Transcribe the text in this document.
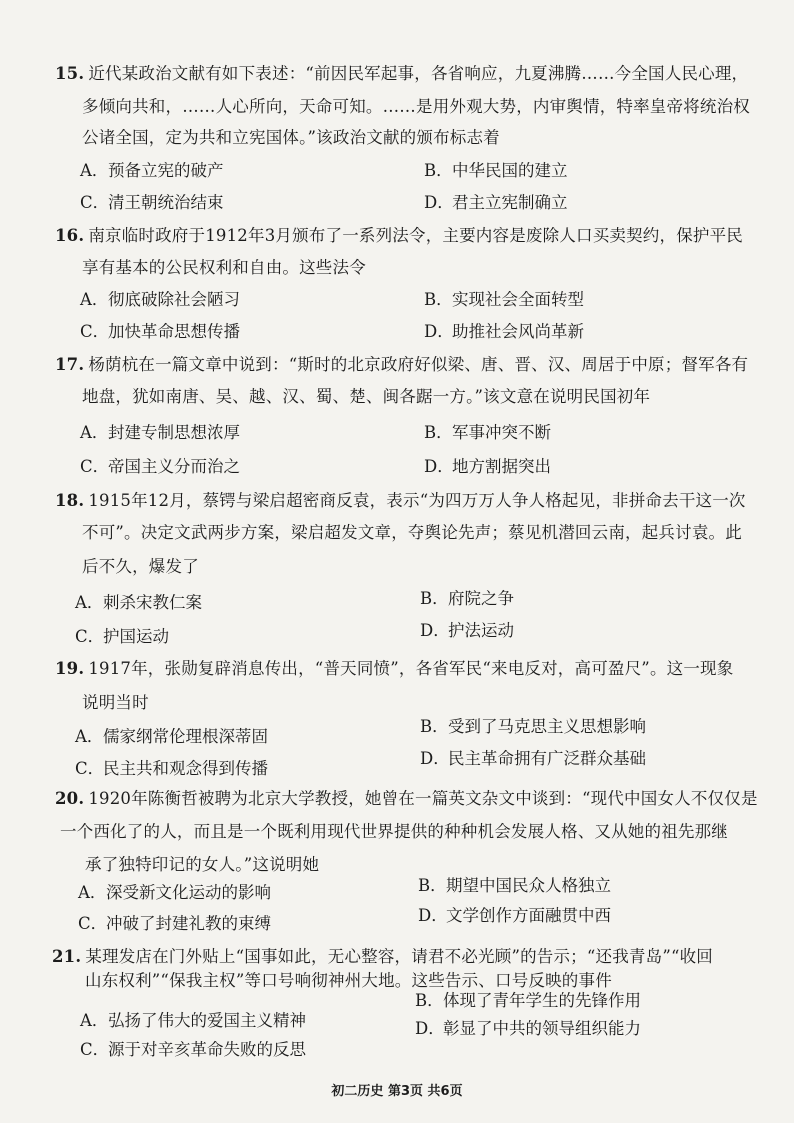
15. 近代某政治文献有如下表述：“前因民军起事，各省响应，九夏沸腾……今全国人民心理，
多倾向共和，……人心所向，天命可知。……是用外观大势，内审舆情，特率皇帝将统治权
公诸全国，定为共和立宪国体。”该政治文献的颁布标志着
A．预备立宪的破产	B．中华民国的建立
C．清王朝统治结束	D．君主立宪制确立
16. 南京临时政府于1912年3月颁布了一系列法令，主要内容是废除人口买卖契约，保护平民
享有基本的公民权利和自由。这些法令
A．彻底破除社会陋习	B．实现社会全面转型
C．加快革命思想传播	D．助推社会风尚革新
17. 杨荫杭在一篇文章中说到：“斯时的北京政府好似梁、唐、晋、汉、周居于中原；督军各有
地盘，犹如南唐、吴、越、汉、蜀、楚、闽各踞一方。”该文意在说明民国初年
A．封建专制思想浓厚	B．军事冲突不断
C．帝国主义分而治之	D．地方割据突出
18. 1915年12月，蔡锷与梁启超密商反袁，表示“为四万万人争人格起见，非拼命去干这一次
不可”。决定文武两步方案，梁启超发文章，夺舆论先声；蔡见机潜回云南，起兵讨袁。此
后不久，爆发了
A．刺杀宋教仁案	B．府院之争
C．护国运动	D．护法运动
19. 1917年，张勋复辟消息传出，“普天同愤”，各省军民“来电反对，高可盈尺”。这一现象
说明当时
A．儒家纲常伦理根深蒂固
B．受到了马克思主义思想影响
C．民主共和观念得到传播
D．民主革命拥有广泛群众基础
20. 1920年陈衡哲被聘为北京大学教授，她曾在一篇英文杂文中谈到：“现代中国女人不仅仅是
一个西化了的人，而且是一个既利用现代世界提供的种种机会发展人格、又从她的祖先那继
承了独特印记的女人。”这说明她
A．深受新文化运动的影响	B．期望中国民众人格独立
C．冲破了封建礼教的束缚	D．文学创作方面融贯中西
21. 某理发店在门外贴上“国事如此，无心整容，请君不必光顾”的告示；“还我青岛”“收回
山东权利”“保我主权”等口号响彻神州大地。这些告示、口号反映的事件
A．弘扬了伟大的爱国主义精神
B．体现了青年学生的先锋作用
C．源于对辛亥革命失败的反思
D．彰显了中共的领导组织能力
初二历史 第3页 共6页
